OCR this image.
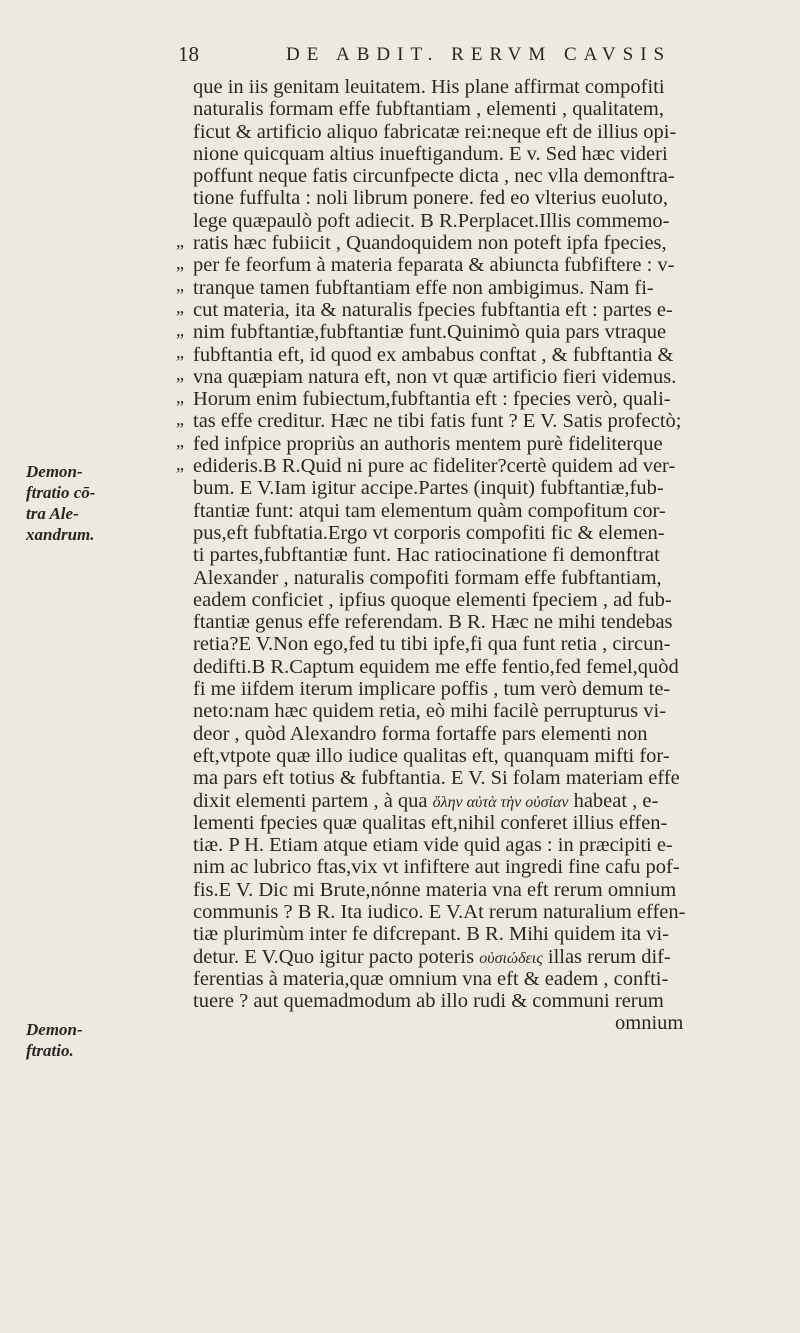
18	DE ABDIT. RERVM CAVSIS
„
„
„
„
„
„
„
„
„
„
„
Demon-
ftratio cō-
tra Ale-
xandrum.
Demon-
ftratio.
que in iis genitam leuitatem. His plane affirmat compofiti
naturalis formam effe fubftantiam , elementi , qualitatem,
ficut & artificio aliquo fabricatæ rei:neque eft de illius opi-
nione quicquam altius inueftigandum. E v. Sed hæc videri
poffunt neque fatis circunfpecte dicta , nec vlla demonftra-
tione fuffulta : noli librum ponere. fed eo vlterius euoluto,
lege quæpaulò poft adiecit. B R.Perplacet.Illis commemo-
ratis hæc fubiicit , Quandoquidem non poteft ipfa fpecies,
per fe feorfum à materia feparata & abiuncta fubfiftere : v-
tranque tamen fubftantiam effe non ambigimus. Nam fi-
cut materia, ita & naturalis fpecies fubftantia eft : partes e-
nim fubftantiæ,fubftantiæ funt.Quinimò quia pars vtraque
fubftantia eft, id quod ex ambabus conftat , & fubftantia &
vna quæpiam natura eft, non vt quæ artificio fieri videmus.
Horum enim fubiectum,fubftantia eft : fpecies verò, quali-
tas effe creditur. Hæc ne tibi fatis funt ? E V. Satis profectò;
fed infpice propriùs an authoris mentem purè fideliterque
edideris.B R.Quid ni pure ac fideliter?certè quidem ad ver-
bum. E V.Iam igitur accipe.Partes (inquit) fubftantiæ,fub-
ftantiæ funt: atqui tam elementum quàm compofitum cor-
pus,eft fubftatia.Ergo vt corporis compofiti fic & elemen-
ti partes,fubftantiæ funt. Hac ratiocinatione fi demonftrat
Alexander , naturalis compofiti formam effe fubftantiam,
eadem conficiet , ipfius quoque elementi fpeciem , ad fub-
ftantiæ genus effe referendam. B R. Hæc ne mihi tendebas
retia?E V.Non ego,fed tu tibi ipfe,fi qua funt retia , circun-
dedifti.B R.Captum equidem me effe fentio,fed femel,quòd
fi me iifdem iterum implicare poffis , tum verò demum te-
neto:nam hæc quidem retia, eò mihi facilè perrupturus vi-
deor , quòd Alexandro forma fortaffe pars elementi non
eft,vtpote quæ illo iudice qualitas eft, quanquam mifti for-
ma pars eft totius & fubftantia. E V. Si folam materiam effe
dixit elementi partem , à qua ὅλην αὐτὰ τὴν οὐσίαν habeat , e-
lementi fpecies quæ qualitas eft,nihil conferet illius effen-
tiæ. P H. Etiam atque etiam vide quid agas : in præcipiti e-
nim ac lubrico ftas,vix vt infiftere aut ingredi fine cafu pof-
fis.E V. Dic mi Brute,nónne materia vna eft rerum omnium
communis ? B R. Ita iudico. E V.At rerum naturalium effen-
tiæ plurimùm inter fe difcrepant. B R. Mihi quidem ita vi-
detur. E V.Quo igitur pacto poteris οὐσιώδεις illas rerum dif-
ferentias à materia,quæ omnium vna eft & eadem , confti-
tuere ? aut quemadmodum ab illo rudi & communi rerum
omnium
